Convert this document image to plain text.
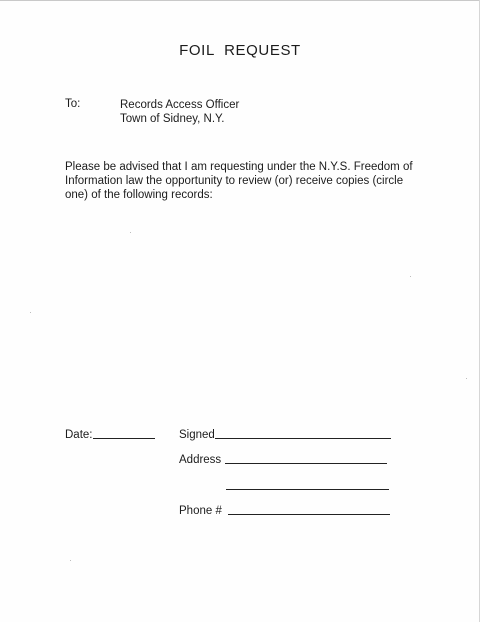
FOIL REQUEST
To:	Records Access Officer
Town of Sidney, N.Y.
Please be advised that I am requesting under the N.Y.S. Freedom of
Information law the opportunity to review (or) receive copies (circle
one) of the following records:
Date:	Signed
Address
Phone #
